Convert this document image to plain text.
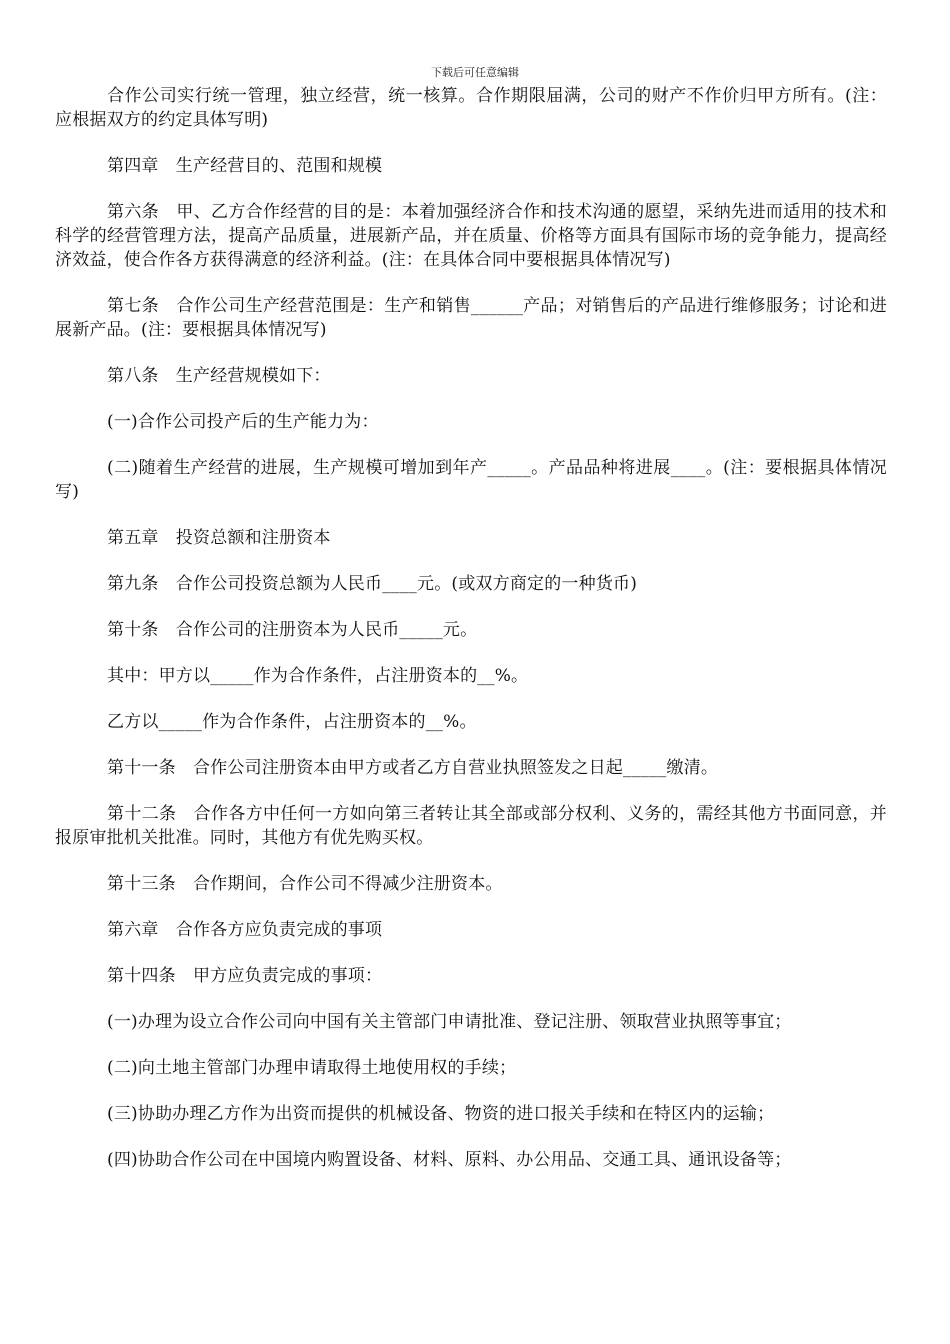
下载后可任意编辑

合作公司实行统一管理，独立经营，统一核算。合作期限届满，公司的财产不作价归甲方所有。(注：应根据双方的约定具体写明)

第四章　生产经营目的、范围和规模

第六条　甲、乙方合作经营的目的是：本着加强经济合作和技术沟通的愿望，采纳先进而适用的技术和科学的经营管理方法，提高产品质量，进展新产品，并在质量、价格等方面具有国际市场的竞争能力，提高经济效益，使合作各方获得满意的经济利益。(注：在具体合同中要根据具体情况写)

第七条　合作公司生产经营范围是：生产和销售______产品；对销售后的产品进行维修服务；讨论和进展新产品。(注：要根据具体情况写)

第八条　生产经营规模如下：

(一)合作公司投产后的生产能力为：

(二)随着生产经营的进展，生产规模可增加到年产_____。产品品种将进展____。(注：要根据具体情况写)

第五章　投资总额和注册资本

第九条　合作公司投资总额为人民币____元。(或双方商定的一种货币)

第十条　合作公司的注册资本为人民币_____元。

其中：甲方以_____作为合作条件，占注册资本的__%。

乙方以_____作为合作条件，占注册资本的__%。

第十一条　合作公司注册资本由甲方或者乙方自营业执照签发之日起_____缴清。

第十二条　合作各方中任何一方如向第三者转让其全部或部分权利、义务的，需经其他方书面同意，并报原审批机关批准。同时，其他方有优先购买权。

第十三条　合作期间，合作公司不得减少注册资本。

第六章　合作各方应负责完成的事项

第十四条　甲方应负责完成的事项：

(一)办理为设立合作公司向中国有关主管部门申请批准、登记注册、领取营业执照等事宜；

(二)向土地主管部门办理申请取得土地使用权的手续；

(三)协助办理乙方作为出资而提供的机械设备、物资的进口报关手续和在特区内的运输；

(四)协助合作公司在中国境内购置设备、材料、原料、办公用品、交通工具、通讯设备等；
